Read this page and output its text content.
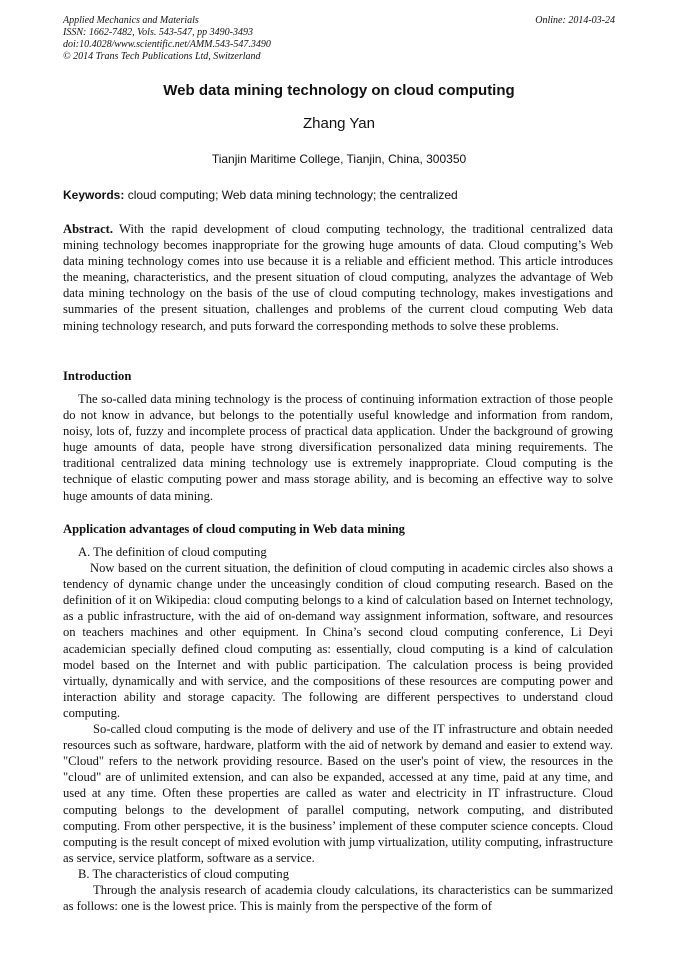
Applied Mechanics and Materials
ISSN: 1662-7482, Vols. 543-547, pp 3490-3493
doi:10.4028/www.scientific.net/AMM.543-547.3490
© 2014 Trans Tech Publications Ltd, Switzerland
Online: 2014-03-24
Web data mining technology on cloud computing
Zhang Yan
Tianjin Maritime College, Tianjin, China, 300350
Keywords: cloud computing; Web data mining technology; the centralized

Abstract. With the rapid development of cloud computing technology, the traditional centralized data mining technology becomes inappropriate for the growing huge amounts of data. Cloud computing’s Web data mining technology comes into use because it is a reliable and efficient method. This article introduces the meaning, characteristics, and the present situation of cloud computing, analyzes the advantage of Web data mining technology on the basis of the use of cloud computing technology, makes investigations and summaries of the present situation, challenges and problems of the current cloud computing Web data mining technology research, and puts forward the corresponding methods to solve these problems.

Introduction

The so-called data mining technology is the process of continuing information extraction of those people do not know in advance, but belongs to the potentially useful knowledge and information from random, noisy, lots of, fuzzy and incomplete process of practical data application. Under the background of growing huge amounts of data, people have strong diversification personalized data mining requirements. The traditional centralized data mining technology use is extremely inappropriate. Cloud computing is the technique of elastic computing power and mass storage ability, and is becoming an effective way to solve huge amounts of data mining.

Application advantages of cloud computing in Web data mining

A. The definition of cloud computing

Now based on the current situation, the definition of cloud computing in academic circles also shows a tendency of dynamic change under the unceasingly condition of cloud computing research. Based on the definition of it on Wikipedia: cloud computing belongs to a kind of calculation based on Internet technology, as a public infrastructure, with the aid of on-demand way assignment information, software, and resources on teachers machines and other equipment. In China’s second cloud computing conference, Li Deyi academician specially defined cloud computing as: essentially, cloud computing is a kind of calculation model based on the Internet and with public participation. The calculation process is being provided virtually, dynamically and with service, and the compositions of these resources are computing power and interaction ability and storage capacity. The following are different perspectives to understand cloud computing.

So-called cloud computing is the mode of delivery and use of the IT infrastructure and obtain needed resources such as software, hardware, platform with the aid of network by demand and easier to extend way. "Cloud" refers to the network providing resource. Based on the user's point of view, the resources in the "cloud" are of unlimited extension, and can also be expanded, accessed at any time, paid at any time, and used at any time. Often these properties are called as water and electricity in IT infrastructure. Cloud computing belongs to the development of parallel computing, network computing, and distributed computing. From other perspective, it is the business’ implement of these computer science concepts. Cloud computing is the result concept of mixed evolution with jump virtualization, utility computing, infrastructure as service, service platform, software as a service.

B. The characteristics of cloud computing

Through the analysis research of academia cloudy calculations, its characteristics can be summarized as follows: one is the lowest price. This is mainly from the perspective of the form of
